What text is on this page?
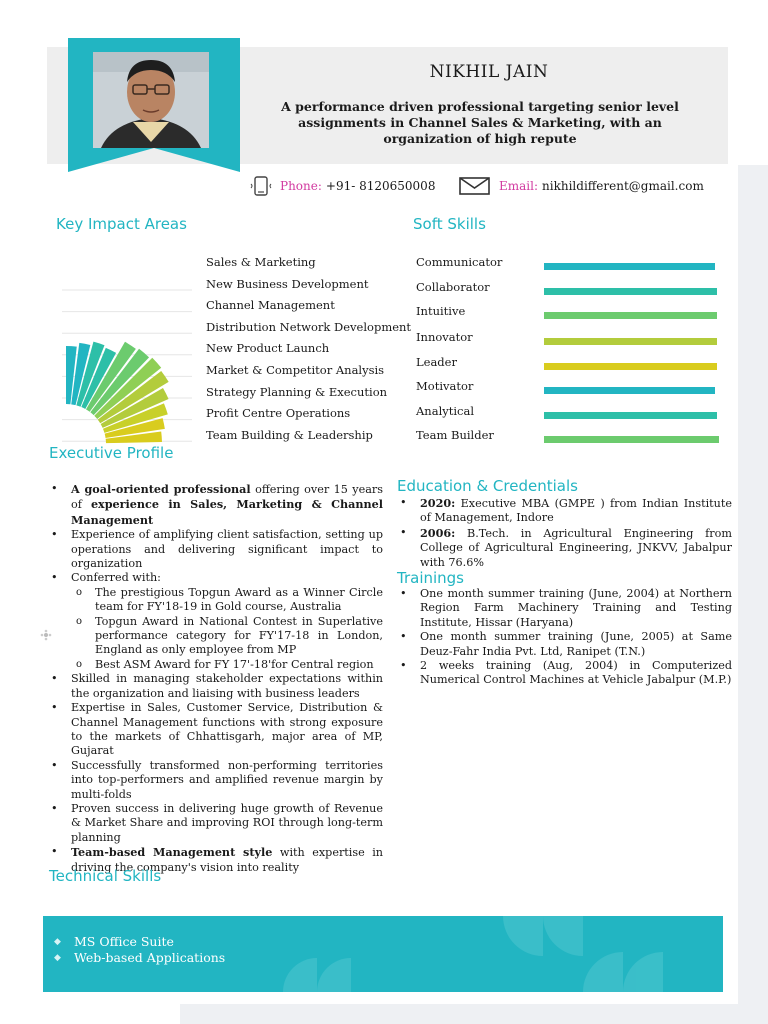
NIKHIL JAIN
A performance driven professional targeting senior level assignments in Channel Sales & Marketing, with an organization of high repute
Phone: +91- 8120650008	Email: nikhildifferent@gmail.com
Key Impact Areas
Sales & Marketing
New Business Development
Channel Management
Distribution Network Development
New Product Launch
Market & Competitor Analysis
Strategy Planning & Execution
Profit Centre Operations
Team Building & Leadership
Soft Skills
Communicator
Collaborator
Intuitive
Innovator
Leader
Motivator
Analytical
Team Builder
Executive Profile
• A goal-oriented professional offering over 15 years of experience in Sales, Marketing & Channel Management
• Experience of amplifying client satisfaction, setting up operations and delivering significant impact to organization
• Conferred with:
o The prestigious Topgun Award as a Winner Circle team for FY'18-19 in Gold course, Australia
o Topgun Award in National Contest in Superlative performance category for FY'17-18 in London, England as only employee from MP
o Best ASM Award for FY 17'-18'for Central region
• Skilled in managing stakeholder expectations within the organization and liaising with business leaders
• Expertise in Sales, Customer Service, Distribution & Channel Management functions with strong exposure to the markets of Chhattisgarh, major area of MP, Gujarat
• Successfully transformed non-performing territories into top-performers and amplified revenue margin by multi-folds
• Proven success in delivering huge growth of Revenue & Market Share and improving ROI through long-term planning
• Team-based Management style with expertise in driving the company's vision into reality
Education & Credentials
• 2020: Executive MBA (GMPE ) from Indian Institute of Management, Indore
• 2006: B.Tech. in Agricultural Engineering from College of Agricultural Engineering, JNKVV, Jabalpur with 76.6%
Trainings
• One month summer training (June, 2004) at Northern Region Farm Machinery Training and Testing Institute, Hissar (Haryana)
• One month summer training (June, 2005) at Same Deuz-Fahr India Pvt. Ltd, Ranipet (T.N.)
• 2 weeks training (Aug, 2004) in Computerized Numerical Control Machines at Vehicle Jabalpur (M.P.)
Technical Skills
◆ MS Office Suite
◆ Web-based Applications
